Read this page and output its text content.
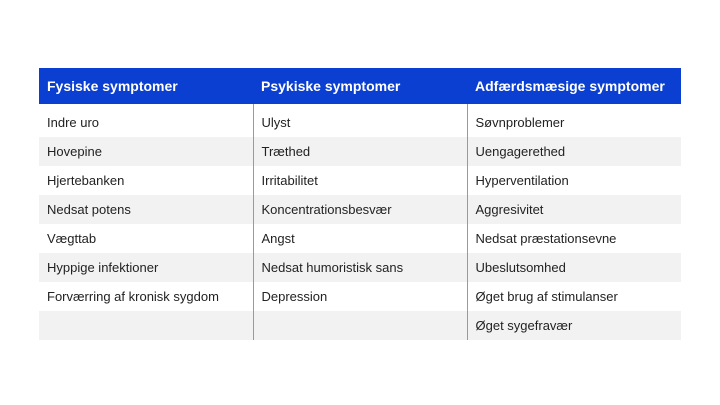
Fysiske symptomer	Psykiske symptomer	Adfærdsmæsige symptomer
Indre uro	Ulyst	Søvnproblemer
Hovepine	Træthed	Uengagerethed
Hjertebanken	Irritabilitet	Hyperventilation
Nedsat potens	Koncentrationsbesvær	Aggresivitet
Vægttab	Angst	Nedsat præstationsevne
Hyppige infektioner	Nedsat humoristisk sans	Ubeslutsomhed
Forværring af kronisk sygdom	Depression	Øget brug af stimulanser
		Øget sygefravær
